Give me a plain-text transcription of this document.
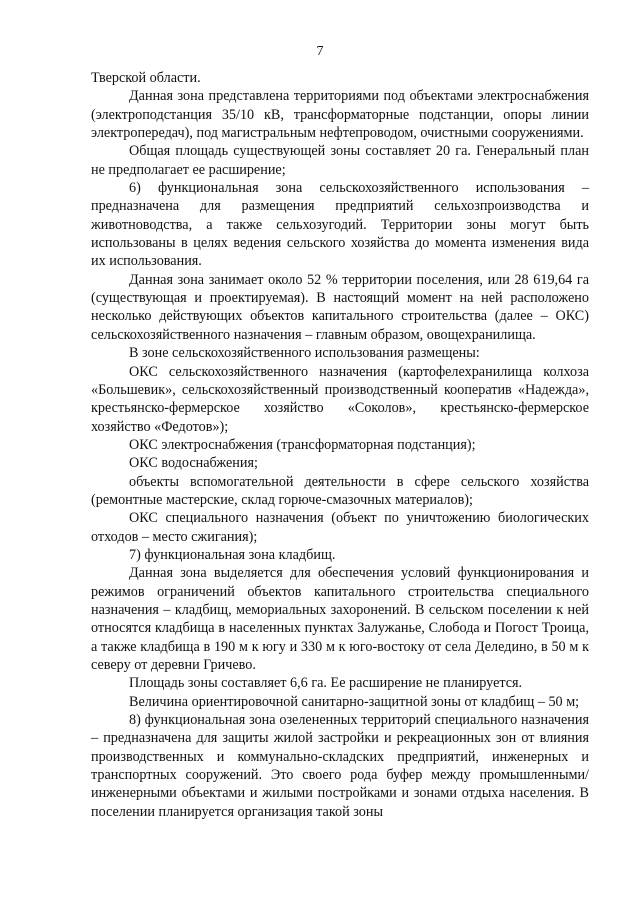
7

Тверской области.

Данная зона представлена территориями под объектами электроснабжения (электроподстанция 35/10 кВ, трансформаторные подстанции, опоры линии электропередач), под магистральным нефтепроводом, очистными сооружениями.

Общая площадь существующей зоны составляет 20 га. Генеральный план не предполагает ее расширение;

6) функциональная зона сельскохозяйственного использования – предназначена для размещения предприятий сельхозпроизводства и животноводства, а также сельхозугодий. Территории зоны могут быть использованы в целях ведения сельского хозяйства до момента изменения вида их использования.

Данная зона занимает около 52 % территории поселения, или 28 619,64 га (существующая и проектируемая). В настоящий момент на ней расположено несколько действующих объектов капитального строительства (далее – ОКС) сельскохозяйственного назначения – главным образом, овощехранилища.

В зоне сельскохозяйственного использования размещены:

ОКС сельскохозяйственного назначения (картофелехранилища колхоза «Большевик», сельскохозяйственный производственный кооператив «Надежда», крестьянско-фермерское хозяйство «Соколов», крестьянско-фермерское хозяйство «Федотов»);

ОКС электроснабжения (трансформаторная подстанция);

ОКС водоснабжения;

объекты вспомогательной деятельности в сфере сельского хозяйства (ремонтные мастерские, склад горюче-смазочных материалов);

ОКС специального назначения (объект по уничтожению биологических отходов – место сжигания);

7) функциональная зона кладбищ.

Данная зона выделяется для обеспечения условий функционирования и режимов ограничений объектов капитального строительства специального назначения – кладбищ, мемориальных захоронений. В сельском поселении к ней относятся кладбища в населенных пунктах Залужанье, Слобода и Погост Троица, а также кладбища в 190 м к югу и 330 м к юго-востоку от села Деледино, в 50 м к северу от деревни Гричево.

Площадь зоны составляет 6,6 га. Ее расширение не планируется.

Величина ориентировочной санитарно-защитной зоны от кладбищ – 50 м;

8) функциональная зона озелененных территорий специального назначения – предназначена для защиты жилой застройки и рекреационных зон от влияния производственных и коммунально-складских предприятий, инженерных и транспортных сооружений. Это своего рода буфер между промышленными/инженерными объектами и жилыми постройками и зонами отдыха населения. В поселении планируется организация такой зоны
